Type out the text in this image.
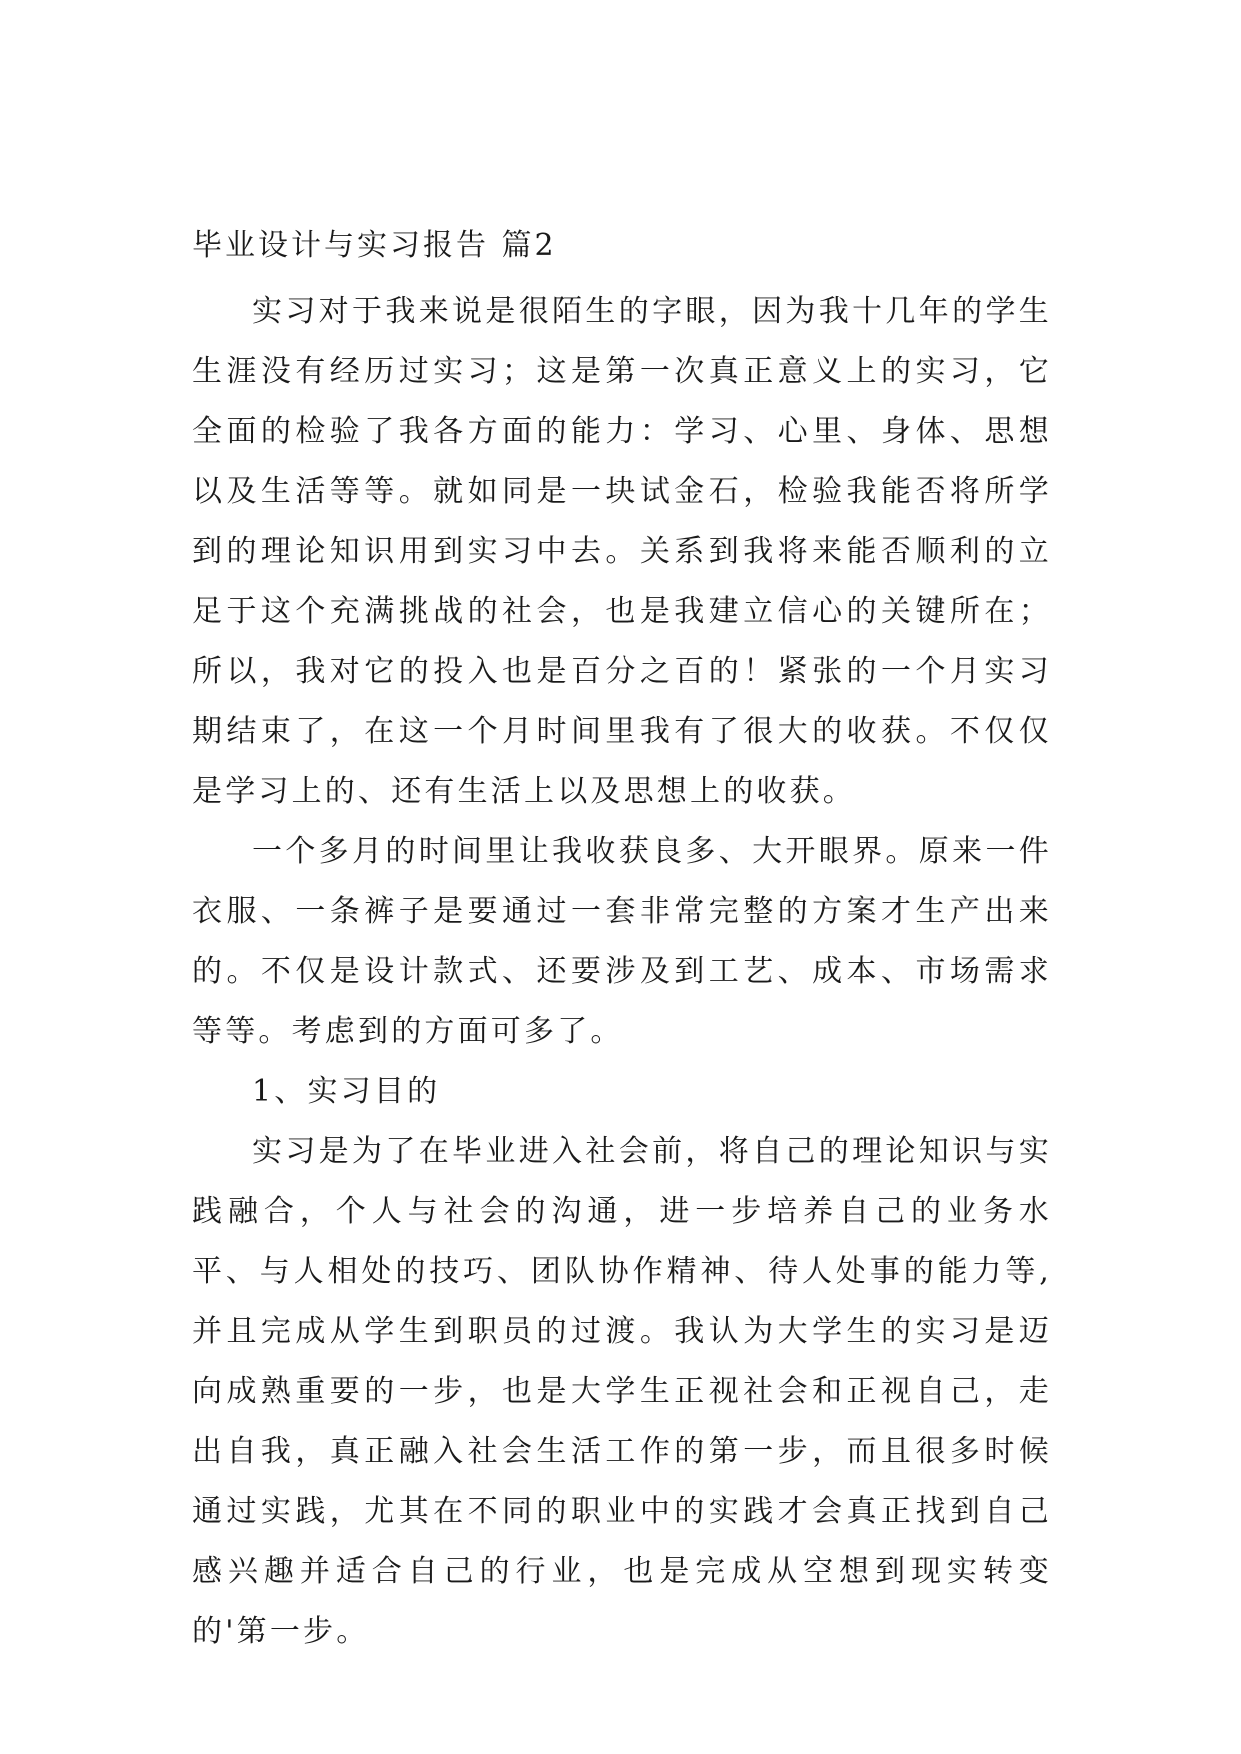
毕业设计与实习报告 篇2

实习对于我来说是很陌生的字眼，因为我十几年的学生生涯没有经历过实习；这是第一次真正意义上的实习，它全面的检验了我各方面的能力：学习、心里、身体、思想以及生活等等。就如同是一块试金石，检验我能否将所学到的理论知识用到实习中去。关系到我将来能否顺利的立足于这个充满挑战的社会，也是我建立信心的关键所在；所以，我对它的投入也是百分之百的！紧张的一个月实习期结束了，在这一个月时间里我有了很大的收获。不仅仅是学习上的、还有生活上以及思想上的收获。

一个多月的时间里让我收获良多、大开眼界。原来一件衣服、一条裤子是要通过一套非常完整的方案才生产出来的。不仅是设计款式、还要涉及到工艺、成本、市场需求等等。考虑到的方面可多了。

1、实习目的

实习是为了在毕业进入社会前，将自己的理论知识与实践融合，个人与社会的沟通，进一步培养自己的业务水平、与人相处的技巧、团队协作精神、待人处事的能力等,并且完成从学生到职员的过渡。我认为大学生的实习是迈向成熟重要的一步，也是大学生正视社会和正视自己，走出自我，真正融入社会生活工作的第一步，而且很多时候通过实践，尤其在不同的职业中的实践才会真正找到自己感兴趣并适合自己的行业，也是完成从空想到现实转变的'第一步。
